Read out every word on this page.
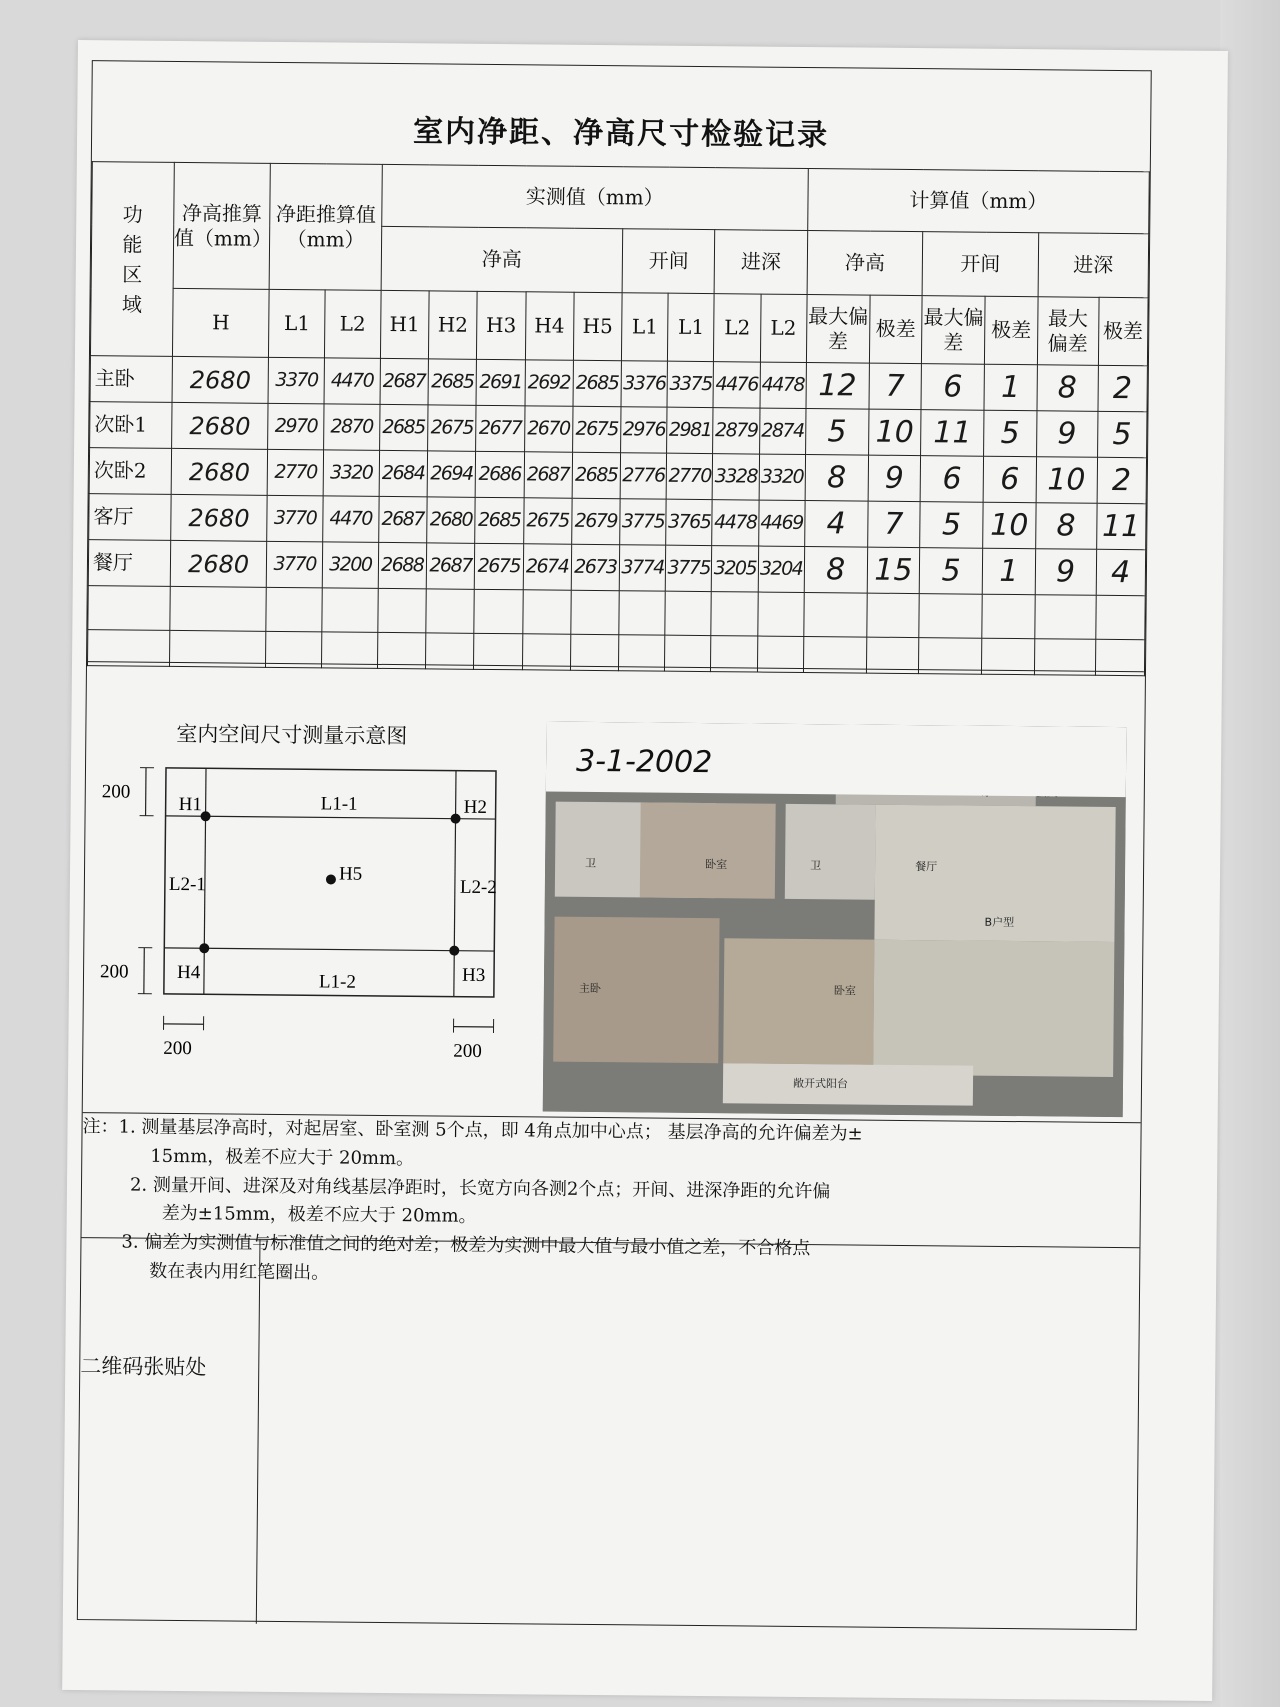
室内净距、净高尺寸检验记录
功
能
区
域	净高推算值（mm）	净距推算值（mm）		实测值（mm）									计算值（mm）					
				净高					开间		进深		净高		开间		进深	
	H	L1	L2	H1	H2	H3	H4	H5	L1	L1	L2	L2	最大偏差	极差	最大偏差	极差	最大偏差	极差
主卧	2680	3370	4470	2687	2685	2691	2692	2685	3376	3375	4476	4478	12	7	6	1	8	2
次卧1	2680	2970	2870	2685	2675	2677	2670	2675	2976	2981	2879	2874	5	10	11	5	9	5
次卧2	2680	2770	3320	2684	2694	2686	2687	2685	2776	2770	3328	3320	8	9	6	6	10	2
客厅	2680	3770	4470	2687	2680	2685	2675	2679	3775	3765	4478	4469	4	7	5	10	8	11
餐厅	2680	3770	3200	2688	2687	2675	2674	2673	3774	3775	3205	3204	8	15	5	1	9	4

室内空间尺寸测量示意图
H1	H2
H3
H4
H5
L1-1
L1-2
L2-1	L2-2
200
200
200	200
卫	卧室	卫	餐厅
B户型
主卧	卧室
敞开式阳台
3-1-2002

注：1. 测量基层净高时，对起居室、卧室测 5个点，即 4角点加中心点； 基层净高的允许偏差为±

15mm，极差不应大于 20mm。

2. 测量开间、进深及对角线基层净距时，长宽方向各测2个点；开间、进深净距的允许偏

差为±15mm，极差不应大于 20mm。

3. 偏差为实测值与标准值之间的绝对差；极差为实测中最大值与最小值之差，不合格点

数在表内用红笔圈出。

二维码张贴处
